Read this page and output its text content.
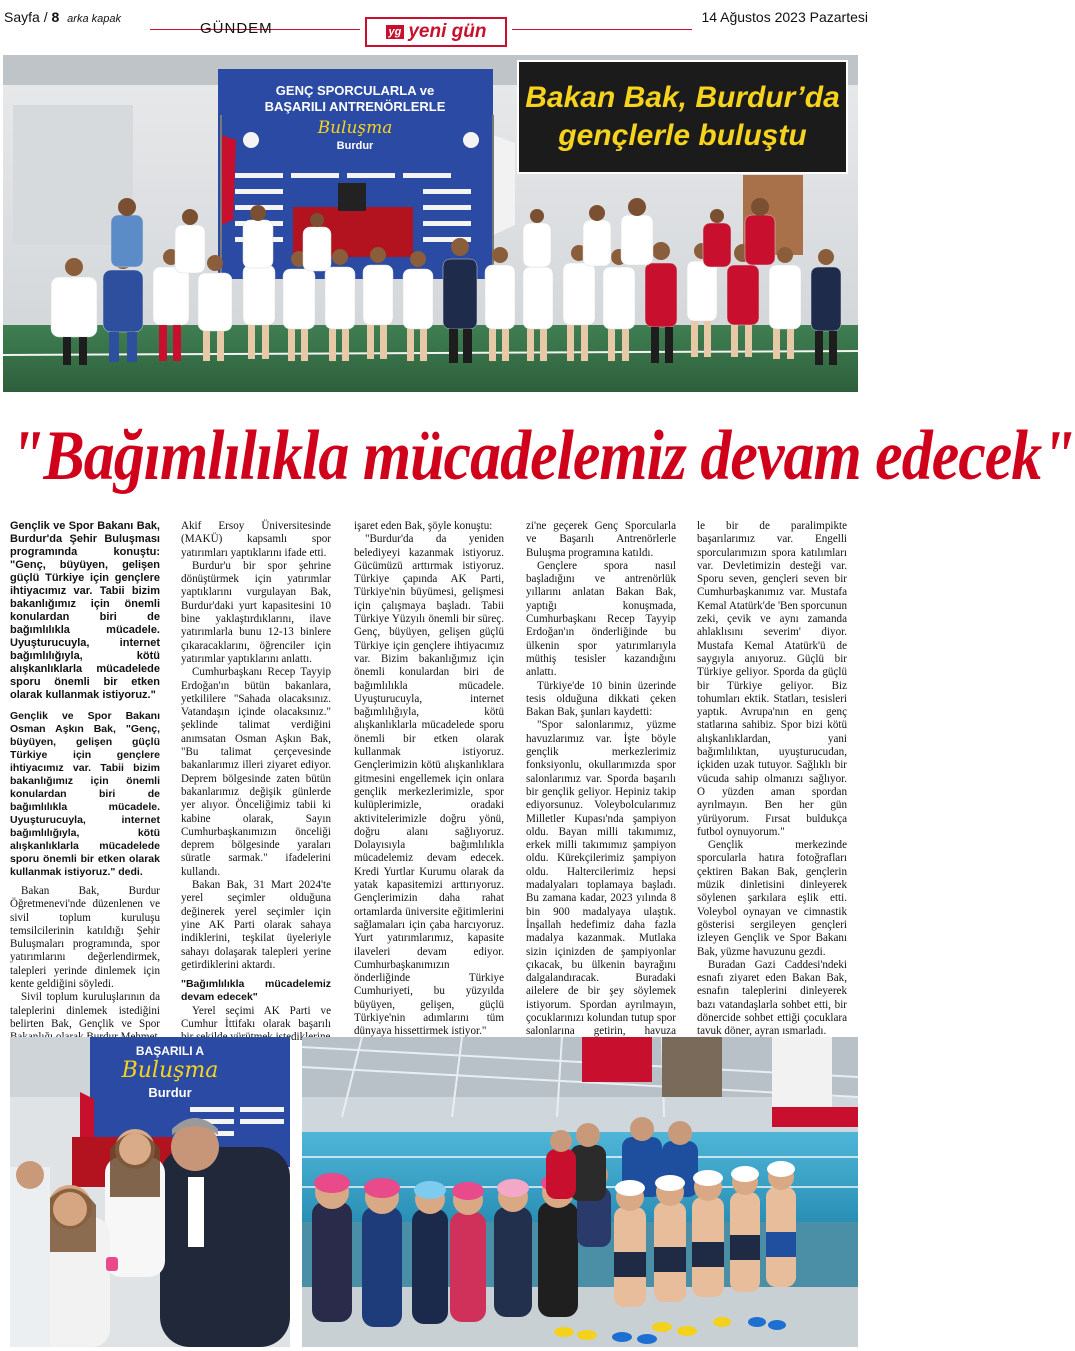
Sayfa / 8 arka kapak
GÜNDEM	yg yeni gün
14 Ağustos 2023 Pazartesi
GENÇ SPORCULARLA ve
BAŞARILI ANTRENÖRLERLE
Buluşma
Burdur
Bakan Bak, Burdur’da gençlerle buluştu
"Bağımlılıkla mücadelemiz devam edecek"

Gençlik ve Spor Bakanı Bak, Burdur'da Şehir Buluşması programında konuştu: "Genç, büyüyen, gelişen güçlü Türkiye için gençlere ihtiyacımız var. Tabii bizim bakanlığımız için önemli konulardan biri de bağımlılıkla mücadele. Uyuşturucuyla, internet bağımlılığıyla, kötü alışkanlıklarla mücadelede sporu önemli bir etken olarak kullanmak istiyoruz."

Gençlik ve Spor Bakanı Osman Aşkın Bak, "Genç, büyüyen, gelişen güçlü Türkiye için gençlere ihtiyacımız var. Tabii bizim bakanlığımız için önemli konulardan biri de bağımlılıkla mücadele. Uyuşturucuyla, internet bağımlılığıyla, kötü alışkanlıklarla mücadelede sporu önemli bir etken olarak kullanmak istiyoruz." dedi.

Bakan Bak, Burdur Öğretmenevi'nde düzenlenen ve sivil toplum kuruluşu temsilcilerinin katıldığı Şehir Buluşmaları programında, spor yatırımlarını değerlendirmek, talepleri yerinde dinlemek için kente geldiğini söyledi.

Sivil toplum kuruluşlarının da taleplerini dinlemek istediğini belirten Bak, Gençlik ve Spor

Akif Ersoy Üniversitesinde (MAKÜ) kapsamlı spor yatırımları yaptıklarını ifade etti.

Burdur'u bir spor şehrine dönüştürmek için yatırımlar yaptıklarını vurgulayan Bak, Burdur'daki yurt kapasitesini 10 bine yaklaştırdıklarını, ilave yatırımlarla bunu 12-13 binlere çıkaracaklarını, öğrenciler için yatırımlar yaptıklarını anlattı.

Cumhurbaşkanı Recep Tayyip Erdoğan'ın bütün bakanlara, yetkililere "Sahada olacaksınız. Vatandaşın içinde olacaksınız." şeklinde talimat verdiğini anımsatan Osman Aşkın Bak, "Bu talimat çerçevesinde bakanlarımız illeri ziyaret ediyor. Deprem bölgesinde zaten bütün bakanlarımız değişik günlerde yer alıyor. Önceliğimiz tabii ki kabine olarak, Sayın Cumhurbaşkanımızın önceliği deprem bölgesinde yaraları süratle sarmak." ifadelerini kullandı.

Bakan Bak, 31 Mart 2024'te yerel seçimler olduğuna değinerek yerel seçimler için yine AK Parti olarak sahaya indiklerini, teşkilat üyeleriyle sahayı dolaşarak talepleri yerine getirdiklerini aktardı.

"Bağımlılıkla mücadelemiz devam edecek"

Yerel seçimi AK Parti ve Cumhur İttifakı olarak başarılı

işaret eden Bak, şöyle konuştu:

"Burdur'da da yeniden belediyeyi kazanmak istiyoruz. Gücümüzü arttırmak istiyoruz. Türkiye çapında AK Parti, Türkiye'nin büyümesi, gelişmesi için çalışmaya başladı. Tabii Türkiye Yüzyılı önemli bir süreç. Genç, büyüyen, gelişen güçlü Türkiye için gençlere ihtiyacımız var. Bizim bakanlığımız için önemli konulardan biri de bağımlılıkla mücadele. Uyuşturucuyla, internet bağımlılığıyla, kötü alışkanlıklarla mücadelede sporu önemli bir etken olarak kullanmak istiyoruz. Gençlerimizin kötü alışkanlıklara gitmesini engellemek için onlara gençlik merkezlerimizle, spor kulüplerimizle, oradaki aktivitelerimizle doğru yönü, doğru alanı sağlıyoruz. Dolayısıyla bağımlılıkla mücadelemiz devam edecek. Kredi Yurtlar Kurumu olarak da yatak kapasitemizi arttırıyoruz. Gençlerimizin daha rahat ortamlarda üniversite eğitimlerini sağlamaları için çaba harcıyoruz. Yurt yatırımlarımız, kapasite ilaveleri devam ediyor. Cumhurbaşkanımızın önderliğinde Türkiye Cumhuriyeti, bu yüzyılda büyüyen, gelişen, güçlü Türkiye'nin adımlarını tüm dünyaya hissettirmek istiyor."

zi'ne geçerek Genç Sporcularla ve Başarılı Antrenörlerle Buluşma programına katıldı.

Gençlere spora nasıl başladığını ve antrenörlük yıllarını anlatan Bakan Bak, yaptığı konuşmada, Cumhurbaşkanı Recep Tayyip Erdoğan'ın önderliğinde bu ülkenin spor yatırımlarıyla müthiş tesisler kazandığını anlattı.

Türkiye'de 10 binin üzerinde tesis olduğuna dikkati çeken Bakan Bak, şunları kaydetti:

"Spor salonlarımız, yüzme havuzlarımız var. İşte böyle gençlik merkezlerimiz fonksiyonlu, okullarımızda spor salonlarımız var. Sporda başarılı bir gençlik geliyor. Hepiniz takip ediyorsunuz. Voleybolcularımız Milletler Kupası'nda şampiyon oldu. Bayan milli takımımız, erkek milli takımımız şampiyon oldu. Kürekçilerimiz şampiyon oldu. Haltercilerimiz hepsi madalyaları toplamaya başladı. Bu zamana kadar, 2023 yılında 8 bin 900 madalyaya ulaştık. İnşallah hedefimiz daha fazla madalya kazanmak. Mutlaka sizin içinizden de şampiyonlar çıkacak, bu ülkenin bayrağını dalgalandıracak. Buradaki ailelere de bir şey söylemek istiyorum. Spordan ayrılmayın, çocuklarınızı kolundan tutup spor salonlarına getirin, havuza

le bir de paralimpikte başarılarımız var. Engelli sporcularımızın spora katılımları var. Devletimizin desteği var. Sporu seven, gençleri seven bir Cumhurbaşkanımız var. Mustafa Kemal Atatürk'de 'Ben sporcunun zeki, çevik ve aynı zamanda ahlaklısını severim' diyor. Mustafa Kemal Atatürk'ü de saygıyla anıyoruz. Güçlü bir Türkiye geliyor. Sporda da güçlü bir Türkiye geliyor. Biz tohumları ektik. Statları, tesisleri yaptık. Avrupa'nın en genç statlarına sahibiz. Spor bizi kötü alışkanlıklardan, yani bağımlılıktan, uyuşturucudan, içkiden uzak tutuyor. Sağlıklı bir vücuda sahip olmanızı sağlıyor. O yüzden aman spordan ayrılmayın. Ben her gün yürüyorum. Fırsat buldukça futbol oynuyorum."

Gençlik merkezinde sporcularla hatıra fotoğrafları çektiren Bakan Bak, gençlerin müzik dinletisini dinleyerek söylenen şarkılara eşlik etti. Voleybol oynayan ve cimnastik gösterisi sergileyen gençleri izleyen Gençlik ve Spor Bakanı Bak, yüzme havuzunu gezdi.

Buradan Gazi Caddesi'ndeki esnafı ziyaret eden Bakan Bak, esnafın taleplerini dinleyerek bazı vatandaşlarla sohbet etti, bir dönercide sohbet ettiği çocuklara tavuk döner, ayran ısmarladı.

BAŞARILI A
Buluşma
Burdur
